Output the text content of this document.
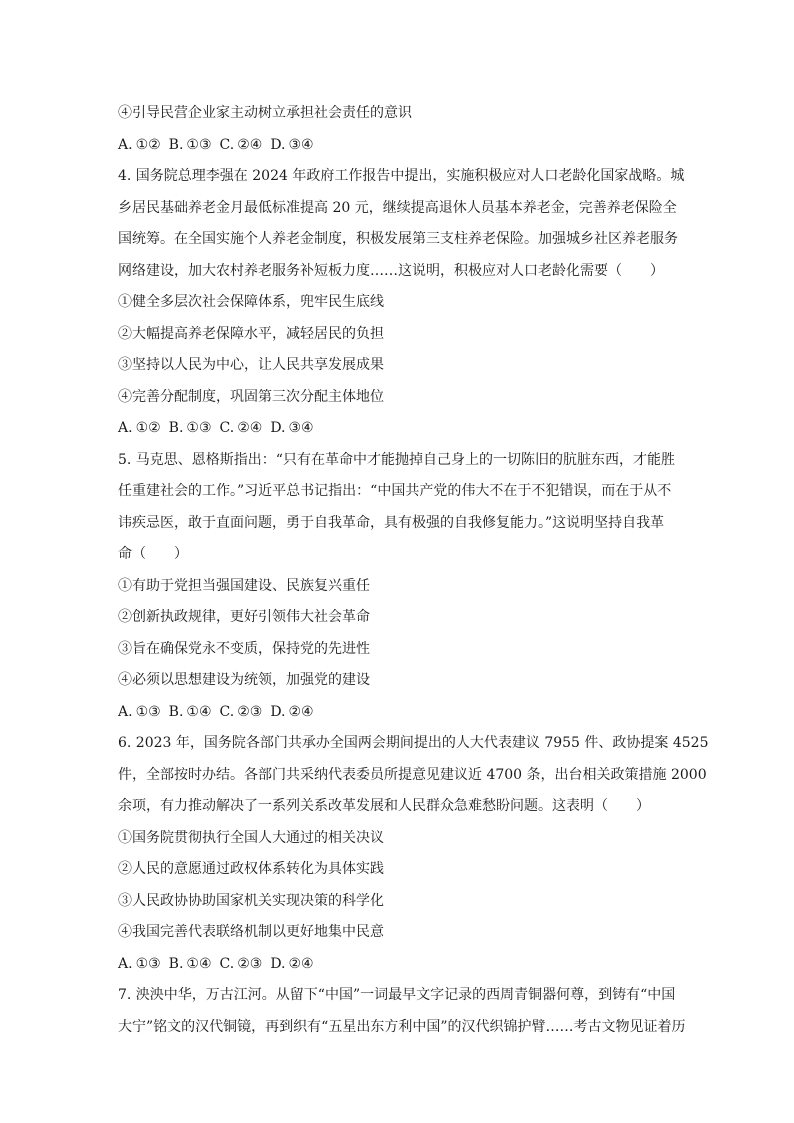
④引导民营企业家主动树立承担社会责任的意识
A. ①② B. ①③ C. ②④ D. ③④
4. 国务院总理李强在 2024 年政府工作报告中提出，实施积极应对人口老龄化国家战略。城
乡居民基础养老金月最低标准提高 20 元，继续提高退休人员基本养老金，完善养老保险全
国统筹。在全国实施个人养老金制度，积极发展第三支柱养老保险。加强城乡社区养老服务
网络建设，加大农村养老服务补短板力度……这说明，积极应对人口老龄化需要（　　）
①健全多层次社会保障体系，兜牢民生底线
②大幅提高养老保障水平，减轻居民的负担
③坚持以人民为中心，让人民共享发展成果
④完善分配制度，巩固第三次分配主体地位
A. ①② B. ①③ C. ②④ D. ③④
5. 马克思、恩格斯指出：“只有在革命中才能抛掉自己身上的一切陈旧的肮脏东西，才能胜
任重建社会的工作。”习近平总书记指出：“中国共产党的伟大不在于不犯错误，而在于从不
讳疾忌医，敢于直面问题，勇于自我革命，具有极强的自我修复能力。”这说明坚持自我革
命（　　）
①有助于党担当强国建设、民族复兴重任
②创新执政规律，更好引领伟大社会革命
③旨在确保党永不变质，保持党的先进性
④必须以思想建设为统领，加强党的建设
A. ①③ B. ①④ C. ②③ D. ②④
6. 2023 年，国务院各部门共承办全国两会期间提出的人大代表建议 7955 件、政协提案 4525
件，全部按时办结。各部门共采纳代表委员所提意见建议近 4700 条，出台相关政策措施 2000
余项，有力推动解决了一系列关系改革发展和人民群众急难愁盼问题。这表明（　　）
①国务院贯彻执行全国人大通过的相关决议
②人民的意愿通过政权体系转化为具体实践
③人民政协协助国家机关实现决策的科学化
④我国完善代表联络机制以更好地集中民意
A. ①③ B. ①④ C. ②③ D. ②④
7. 泱泱中华，万古江河。从留下“中国”一词最早文字记录的西周青铜器何尊，到铸有“中国
大宁”铭文的汉代铜镜，再到织有“五星出东方利中国”的汉代织锦护臂……考古文物见证着历
